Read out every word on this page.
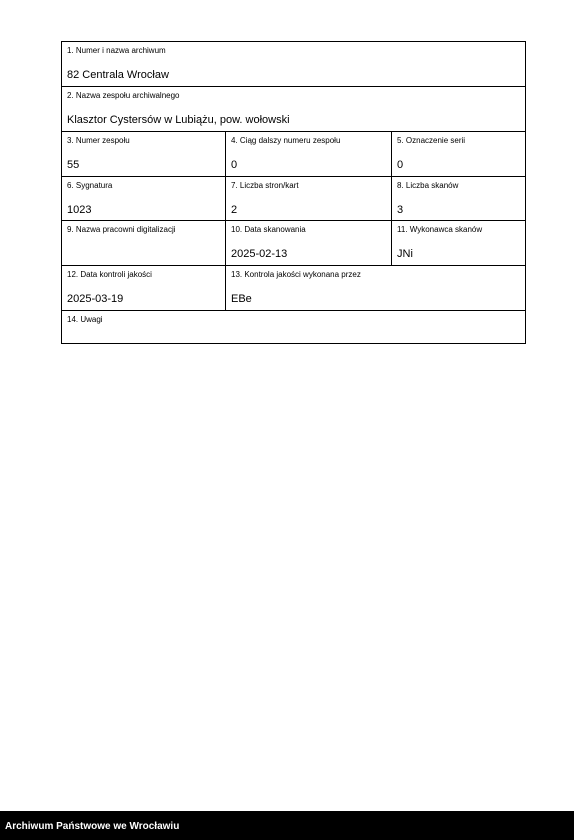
1. Numer i nazwa archiwum
82 Centrala Wrocław
2. Nazwa zespołu archiwalnego
Klasztor Cystersów w Lubiążu, pow. wołowski
3. Numer zespołu
55
4. Ciąg dalszy numeru zespołu
0
5. Oznaczenie serii
0
6. Sygnatura
1023
7. Liczba stron/kart
2
8. Liczba skanów
3
9. Nazwa pracowni digitalizacji	10. Data skanowania
2025-02-13
11. Wykonawca skanów
JNi
12. Data kontroli jakości
2025-03-19
13. Kontrola jakości wykonana przez
EBe
14. Uwagi
Archiwum Państwowe we Wrocławiu
